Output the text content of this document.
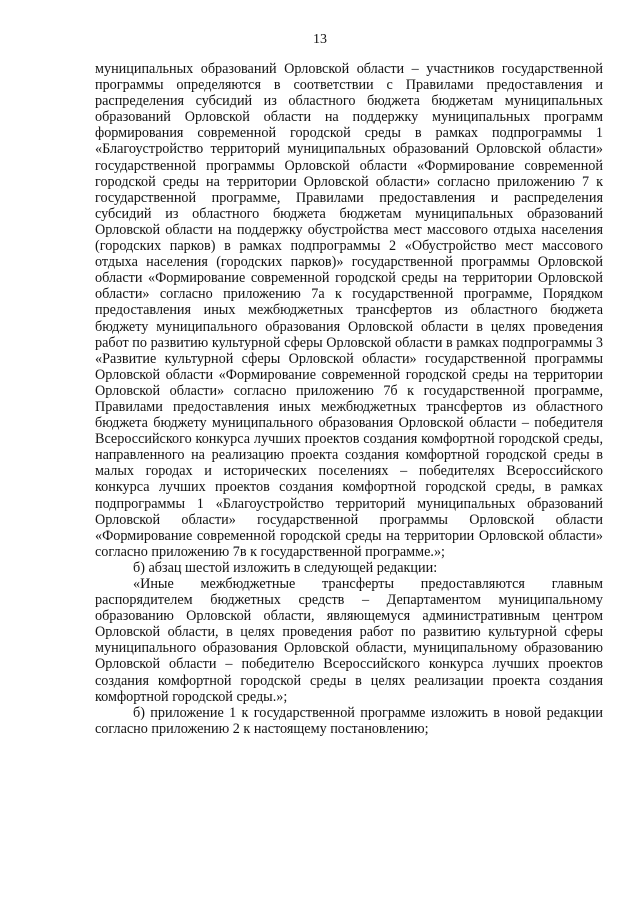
13

муниципальных образований Орловской области – участников государственной программы определяются в соответствии с Правилами предоставления и распределения субсидий из областного бюджета бюджетам муниципальных образований Орловской области на поддержку муниципальных программ формирования современной городской среды в рамках подпрограммы 1 «Благоустройство территорий муниципальных образований Орловской области» государственной программы Орловской области «Формирование современной городской среды на территории Орловской области» согласно приложению 7 к государственной программе, Правилами предоставления и распределения субсидий из областного бюджета бюджетам муниципальных образований Орловской области на поддержку обустройства мест массового отдыха населения (городских парков) в рамках подпрограммы 2 «Обустройство мест массового отдыха населения (городских парков)» государственной программы Орловской области «Формирование современной городской среды на территории Орловской области» согласно приложению 7а к государственной программе, Порядком предоставления иных межбюджетных трансфертов из областного бюджета бюджету муниципального образования Орловской области в целях проведения работ по развитию культурной сферы Орловской области в рамках подпрограммы 3 «Развитие культурной сферы Орловской области» государственной программы Орловской области «Формирование современной городской среды на территории Орловской области» согласно приложению 7б к государственной программе, Правилами предоставления иных межбюджетных трансфертов из областного бюджета бюджету муниципального образования Орловской области – победителя Всероссийского конкурса лучших проектов создания комфортной городской среды, направленного на реализацию проекта создания комфортной городской среды в малых городах и исторических поселениях – победителях Всероссийского конкурса лучших проектов создания комфортной городской среды, в рамках подпрограммы 1 «Благоустройство территорий муниципальных образований Орловской области» государственной программы Орловской области «Формирование современной городской среды на территории Орловской области» согласно приложению 7в к государственной программе.»;

б) абзац шестой изложить в следующей редакции:

«Иные межбюджетные трансферты предоставляются главным распорядителем бюджетных средств – Департаментом муниципальному образованию Орловской области, являющемуся административным центром Орловской области, в целях проведения работ по развитию культурной сферы муниципального образования Орловской области, муниципальному образованию Орловской области – победителю Всероссийского конкурса лучших проектов создания комфортной городской среды в целях реализации проекта создания комфортной городской среды.»;

б) приложение 1 к государственной программе изложить в новой редакции согласно приложению 2 к настоящему постановлению;
